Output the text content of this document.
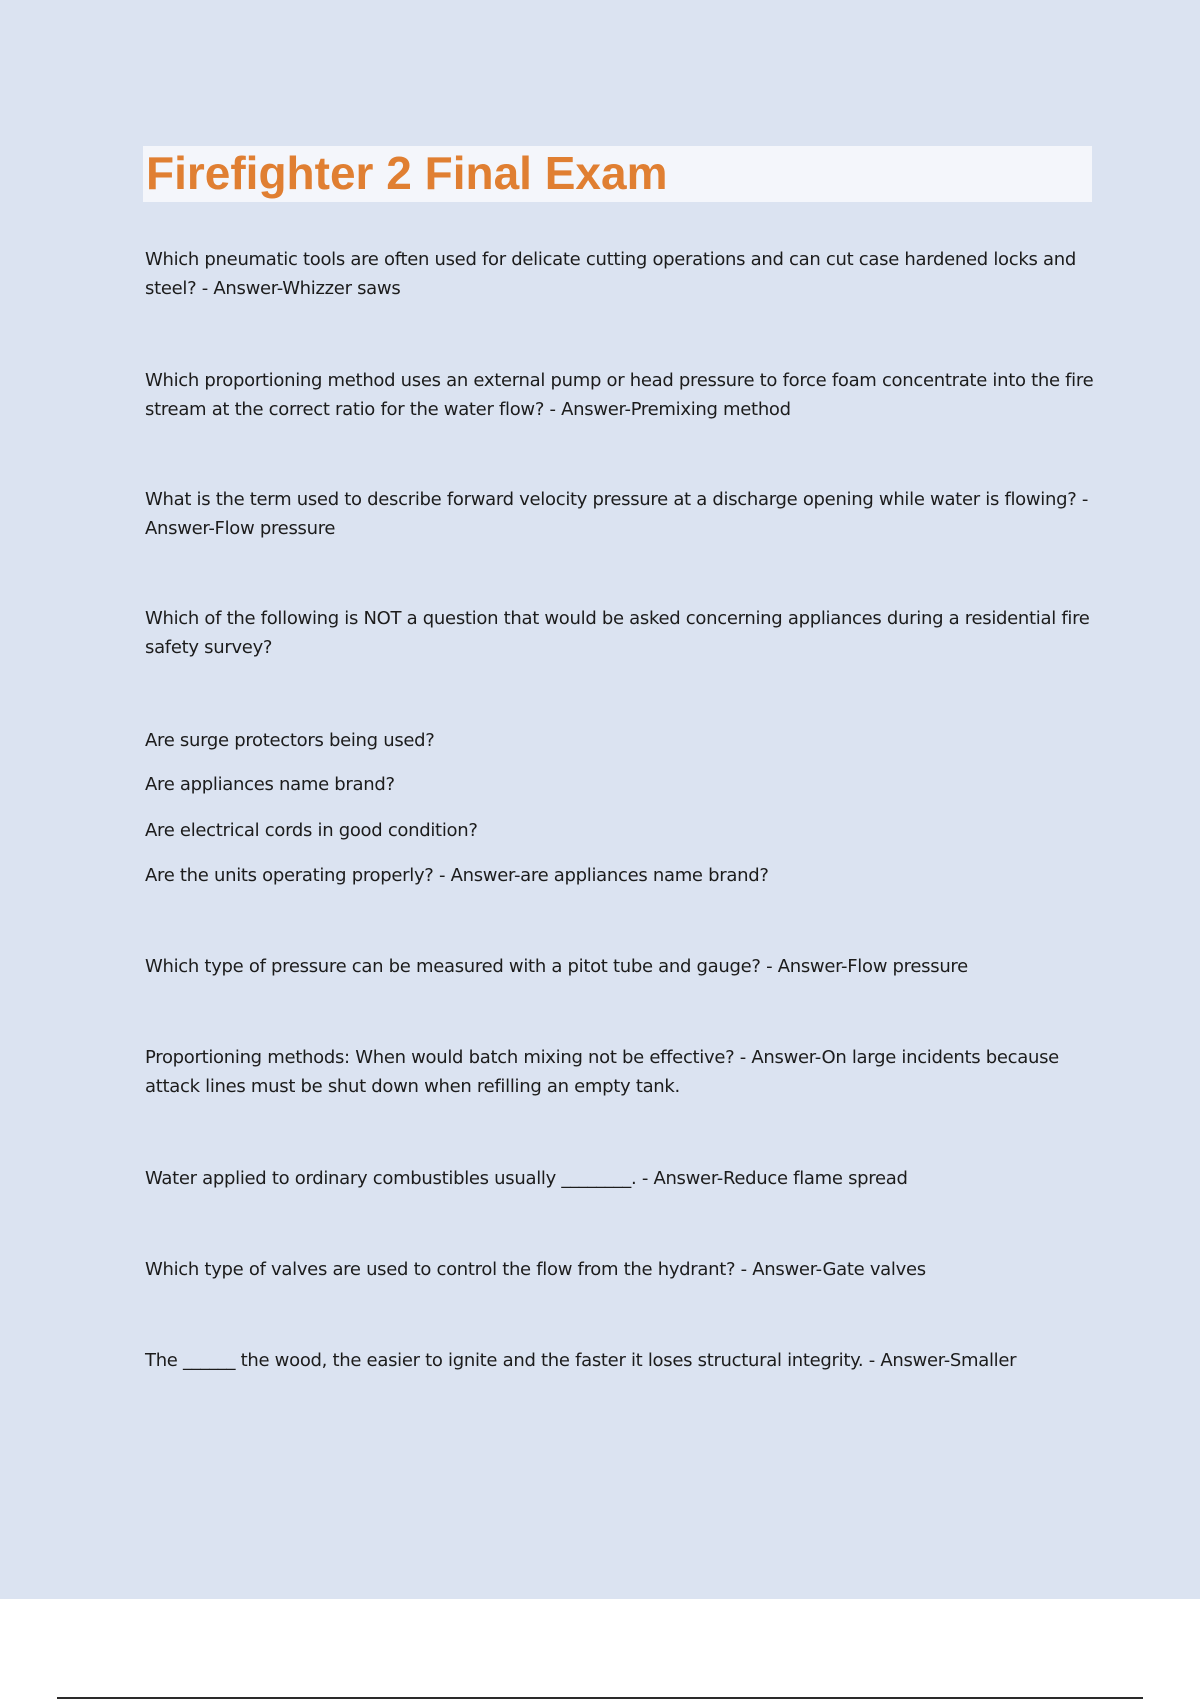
Firefighter 2 Final Exam

Which pneumatic tools are often used for delicate cutting operations and can cut case hardened locks and steel? - Answer-Whizzer saws

Which proportioning method uses an external pump or head pressure to force foam concentrate into the fire stream at the correct ratio for the water flow? - Answer-Premixing method

What is the term used to describe forward velocity pressure at a discharge opening while water is flowing? - Answer-Flow pressure

Which of the following is NOT a question that would be asked concerning appliances during a residential fire safety survey?

Are surge protectors being used?

Are appliances name brand?

Are electrical cords in good condition?

Are the units operating properly? - Answer-are appliances name brand?

Which type of pressure can be measured with a pitot tube and gauge? - Answer-Flow pressure

Proportioning methods: When would batch mixing not be effective? - Answer-On large incidents because attack lines must be shut down when refilling an empty tank.

Water applied to ordinary combustibles usually ________. - Answer-Reduce flame spread

Which type of valves are used to control the flow from the hydrant? - Answer-Gate valves

The ______ the wood, the easier to ignite and the faster it loses structural integrity. - Answer-Smaller
